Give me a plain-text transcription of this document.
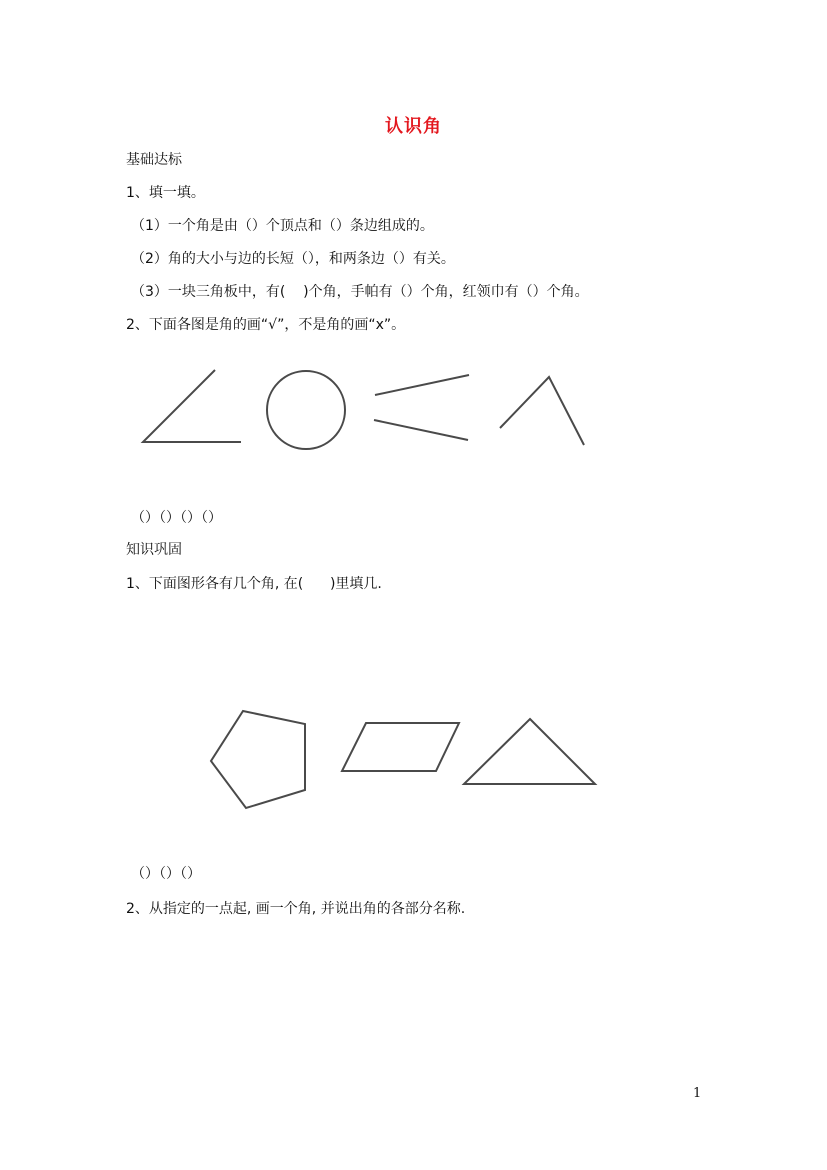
认识角
基础达标
1、填一填。
（1）一个角是由（）个顶点和（）条边组成的。
（2）角的大小与边的长短（），和两条边（）有关。
（3）一块三角板中，有(    )个角，手帕有（）个角，红领巾有（）个角。
2、下面各图是角的画“√”，不是角的画“x”。
（）（）（）（）
知识巩固
1、下面图形各有几个角, 在(      )里填几.
（）（）（）
2、从指定的一点起, 画一个角, 并说出角的各部分名称.
1
